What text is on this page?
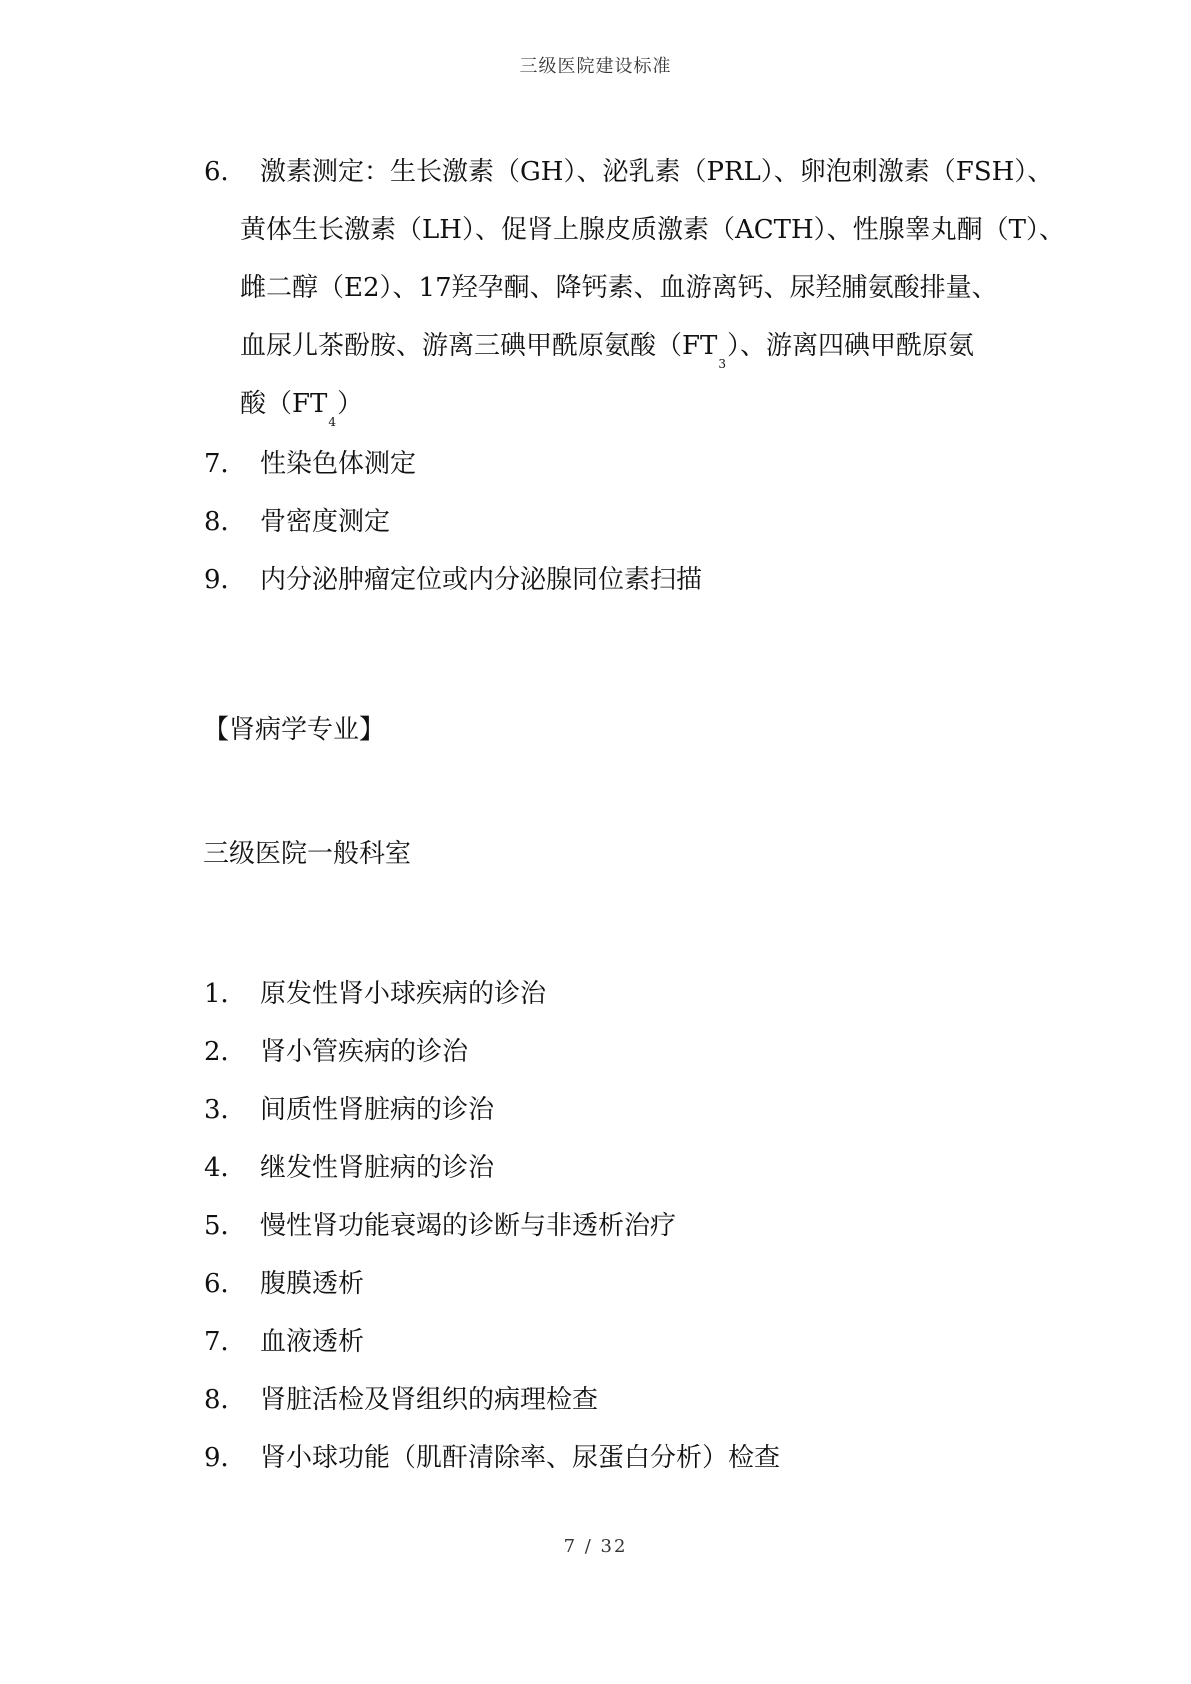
三级医院建设标准
6． 激素测定：生长激素（GH）、泌乳素（PRL）、卵泡刺激素（FSH）、
黄体生长激素（LH）、促肾上腺皮质激素（ACTH）、性腺睾丸酮（T）、
雌二醇（E2）、17羟孕酮、降钙素、血游离钙、尿羟脯氨酸排量、
血尿儿茶酚胺、游离三碘甲酰原氨酸$(FT_3)$、游离四碘甲酰原氨
酸$(FT_4)$
7． 性染色体测定
8． 骨密度测定
9． 内分泌肿瘤定位或内分泌腺同位素扫描
【肾病学专业】
三级医院一般科室
1． 原发性肾小球疾病的诊治
2． 肾小管疾病的诊治
3． 间质性肾脏病的诊治
4． 继发性肾脏病的诊治
5． 慢性肾功能衰竭的诊断与非透析治疗
6． 腹膜透析
7． 血液透析
8． 肾脏活检及肾组织的病理检查
9． 肾小球功能（肌酐清除率、尿蛋白分析）检查
7 / 32
